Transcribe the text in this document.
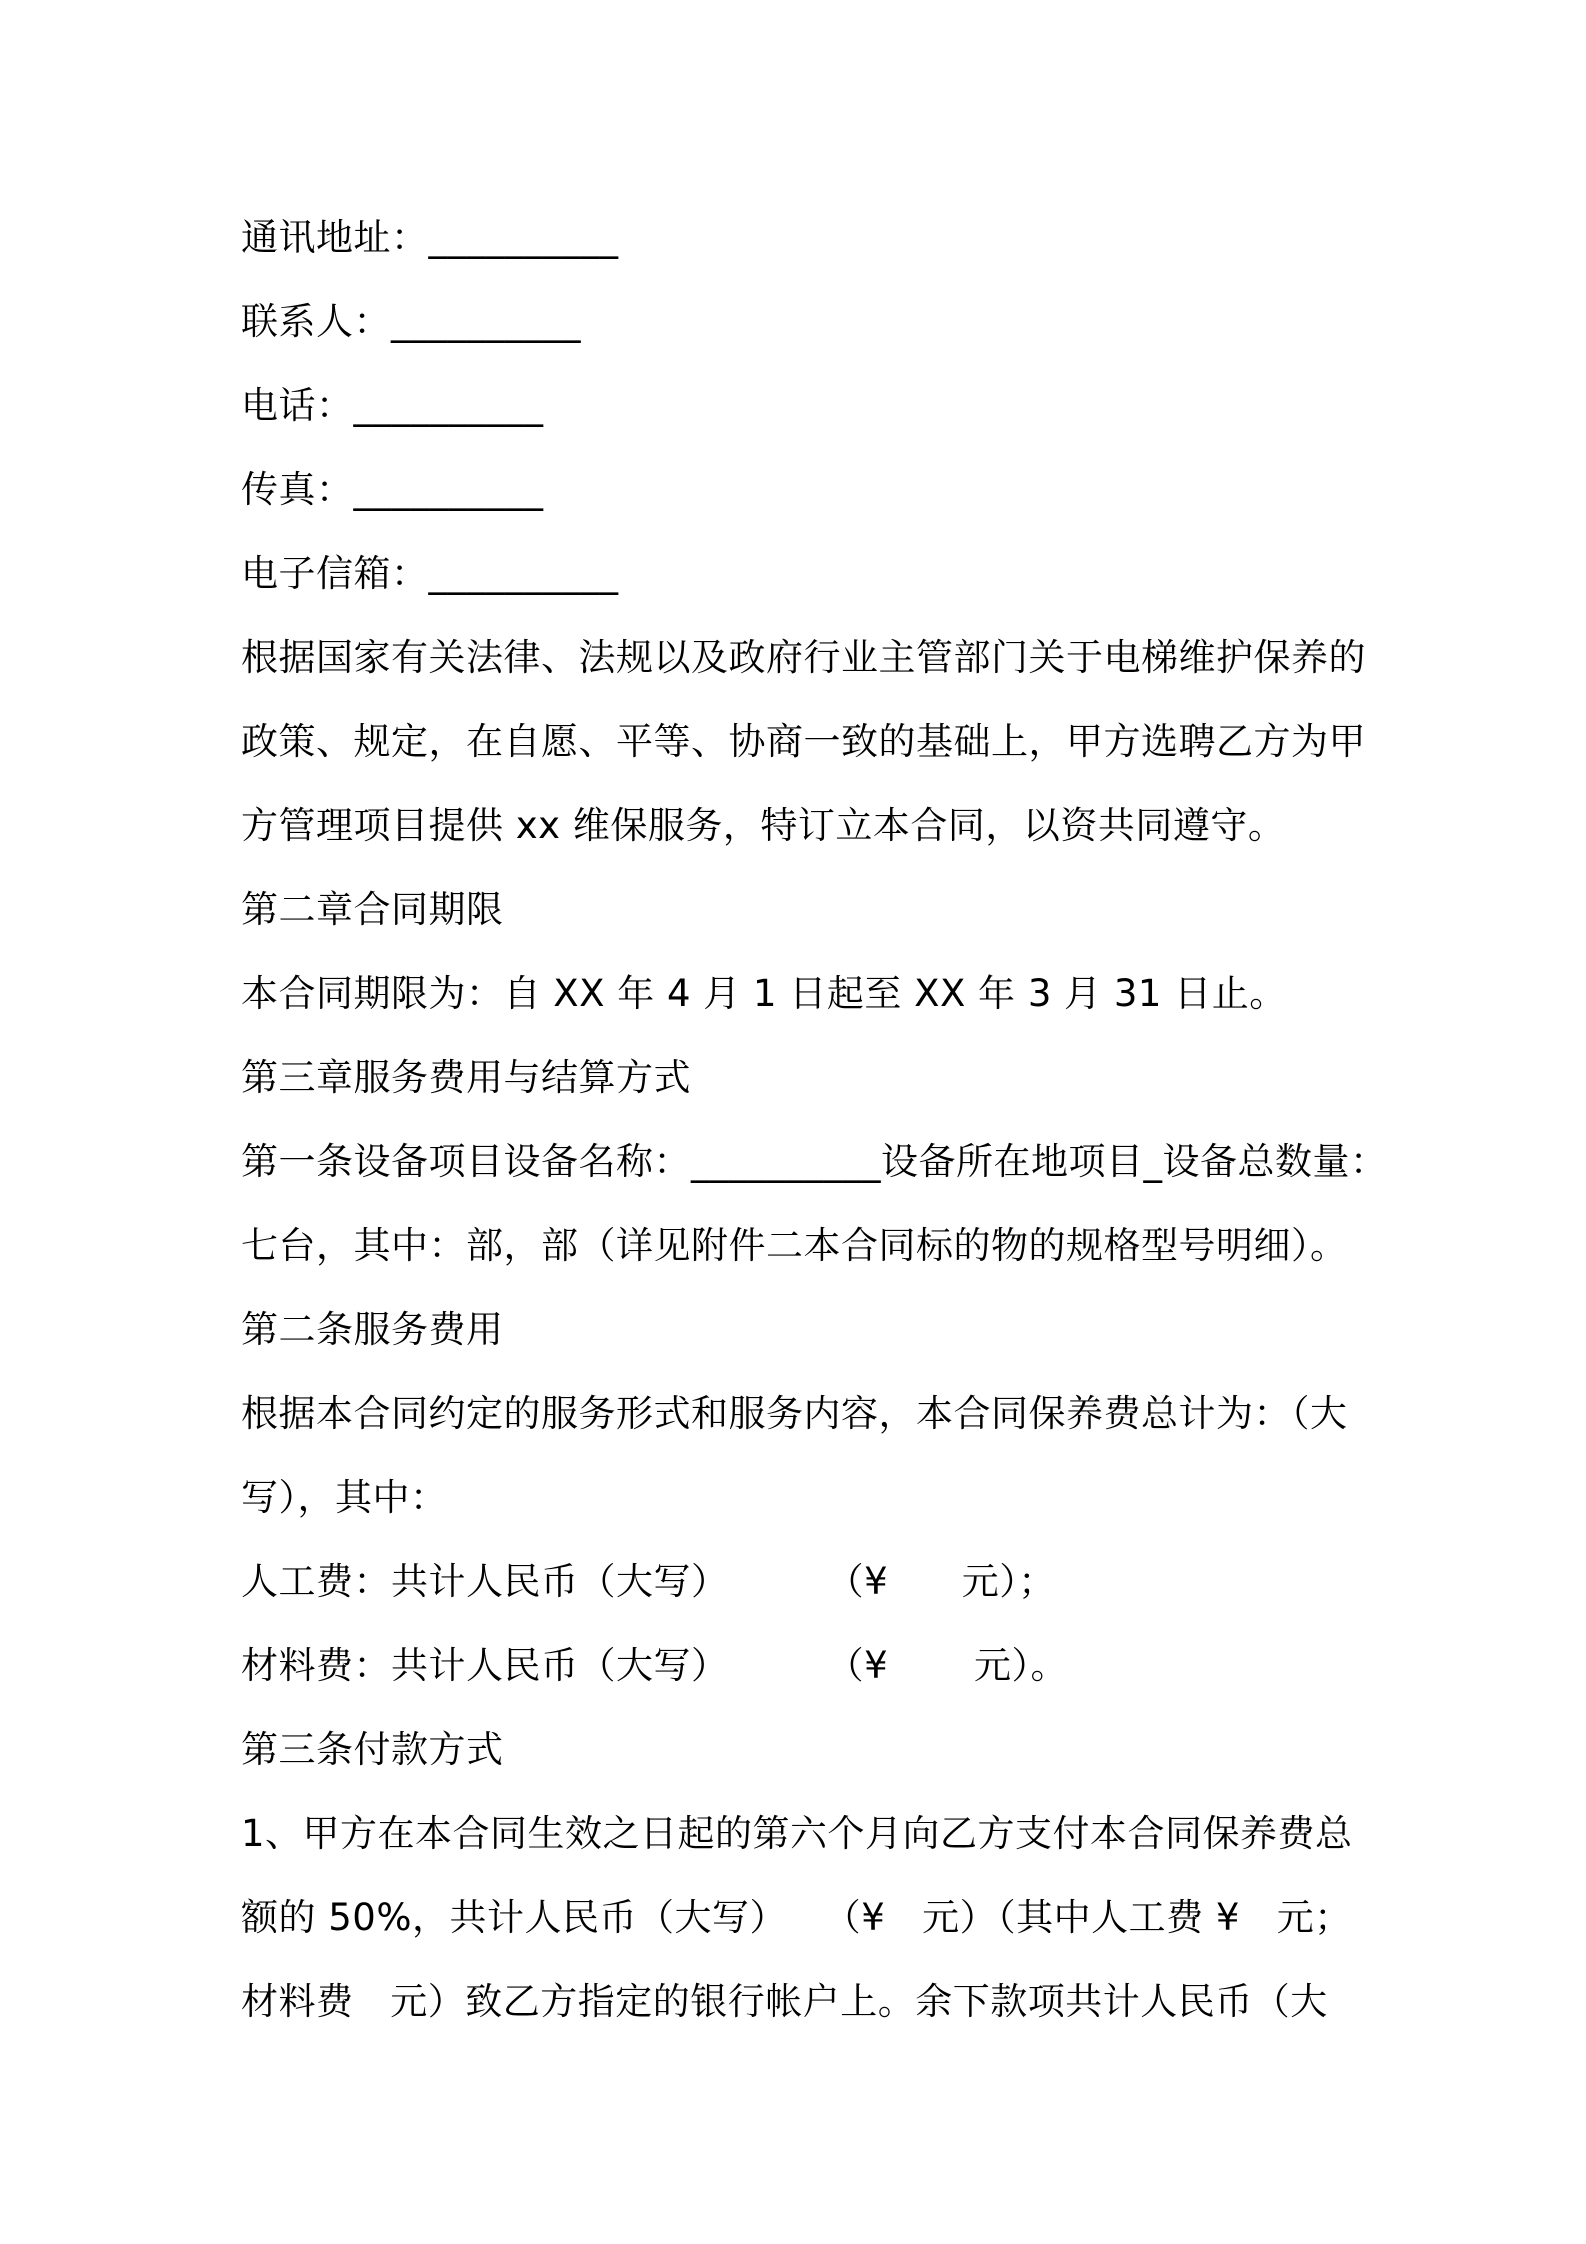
通讯地址：__________
联系人：__________
电话：__________
传真：__________
电子信箱：__________
根据国家有关法律、法规以及政府行业主管部门关于电梯维护保养的
政策、规定，在自愿、平等、协商一致的基础上，甲方选聘乙方为甲
方管理项目提供 xx 维保服务，特订立本合同，以资共同遵守。
第二章合同期限
本合同期限为：自 XX 年 4 月 1 日起至 XX 年 3 月 31 日止。
第三章服务费用与结算方式
第一条设备项目设备名称：__________设备所在地项目_设备总数量：
七台，其中：部，部（详见附件二本合同标的物的规格型号明细）。
第二条服务费用
根据本合同约定的服务形式和服务内容，本合同保养费总计为：（大
写），其中：
人工费：共计人民币（大写）        （¥      元）；
材料费：共计人民币（大写）        （¥       元）。
第三条付款方式
1、甲方在本合同生效之日起的第六个月向乙方支付本合同保养费总
额的 50%，共计人民币（大写）   （¥   元）（其中人工费 ¥   元；
材料费   元）致乙方指定的银行帐户上。余下款项共计人民币（大
